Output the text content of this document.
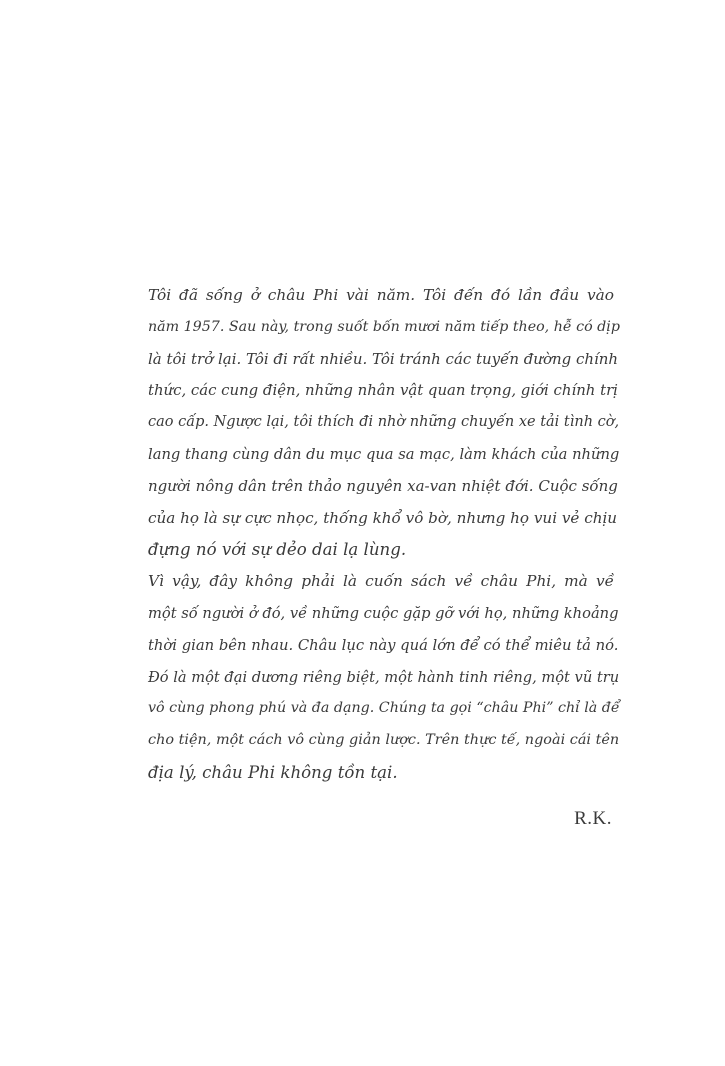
Tôi đã sống ở châu Phi vài năm. Tôi đến đó lần đầu vào
năm 1957. Sau này, trong suốt bốn mươi năm tiếp theo, hễ có dịp
là tôi trở lại. Tôi đi rất nhiều. Tôi tránh các tuyến đường chính
thức, các cung điện, những nhân vật quan trọng, giới chính trị
cao cấp. Ngược lại, tôi thích đi nhờ những chuyến xe tải tình cờ,
lang thang cùng dân du mục qua sa mạc, làm khách của những
người nông dân trên thảo nguyên xa-van nhiệt đới. Cuộc sống
của họ là sự cực nhọc, thống khổ vô bờ, nhưng họ vui vẻ chịu
đựng nó với sự dẻo dai lạ lùng.

Vì vậy, đây không phải là cuốn sách về châu Phi, mà về
một số người ở đó, về những cuộc gặp gỡ với họ, những khoảng
thời gian bên nhau. Châu lục này quá lớn để có thể miêu tả nó.
Đó là một đại dương riêng biệt, một hành tinh riêng, một vũ trụ
vô cùng phong phú và đa dạng. Chúng ta gọi “châu Phi” chỉ là để
cho tiện, một cách vô cùng giản lược. Trên thực tế, ngoài cái tên
địa lý, châu Phi không tồn tại.

R.K.
